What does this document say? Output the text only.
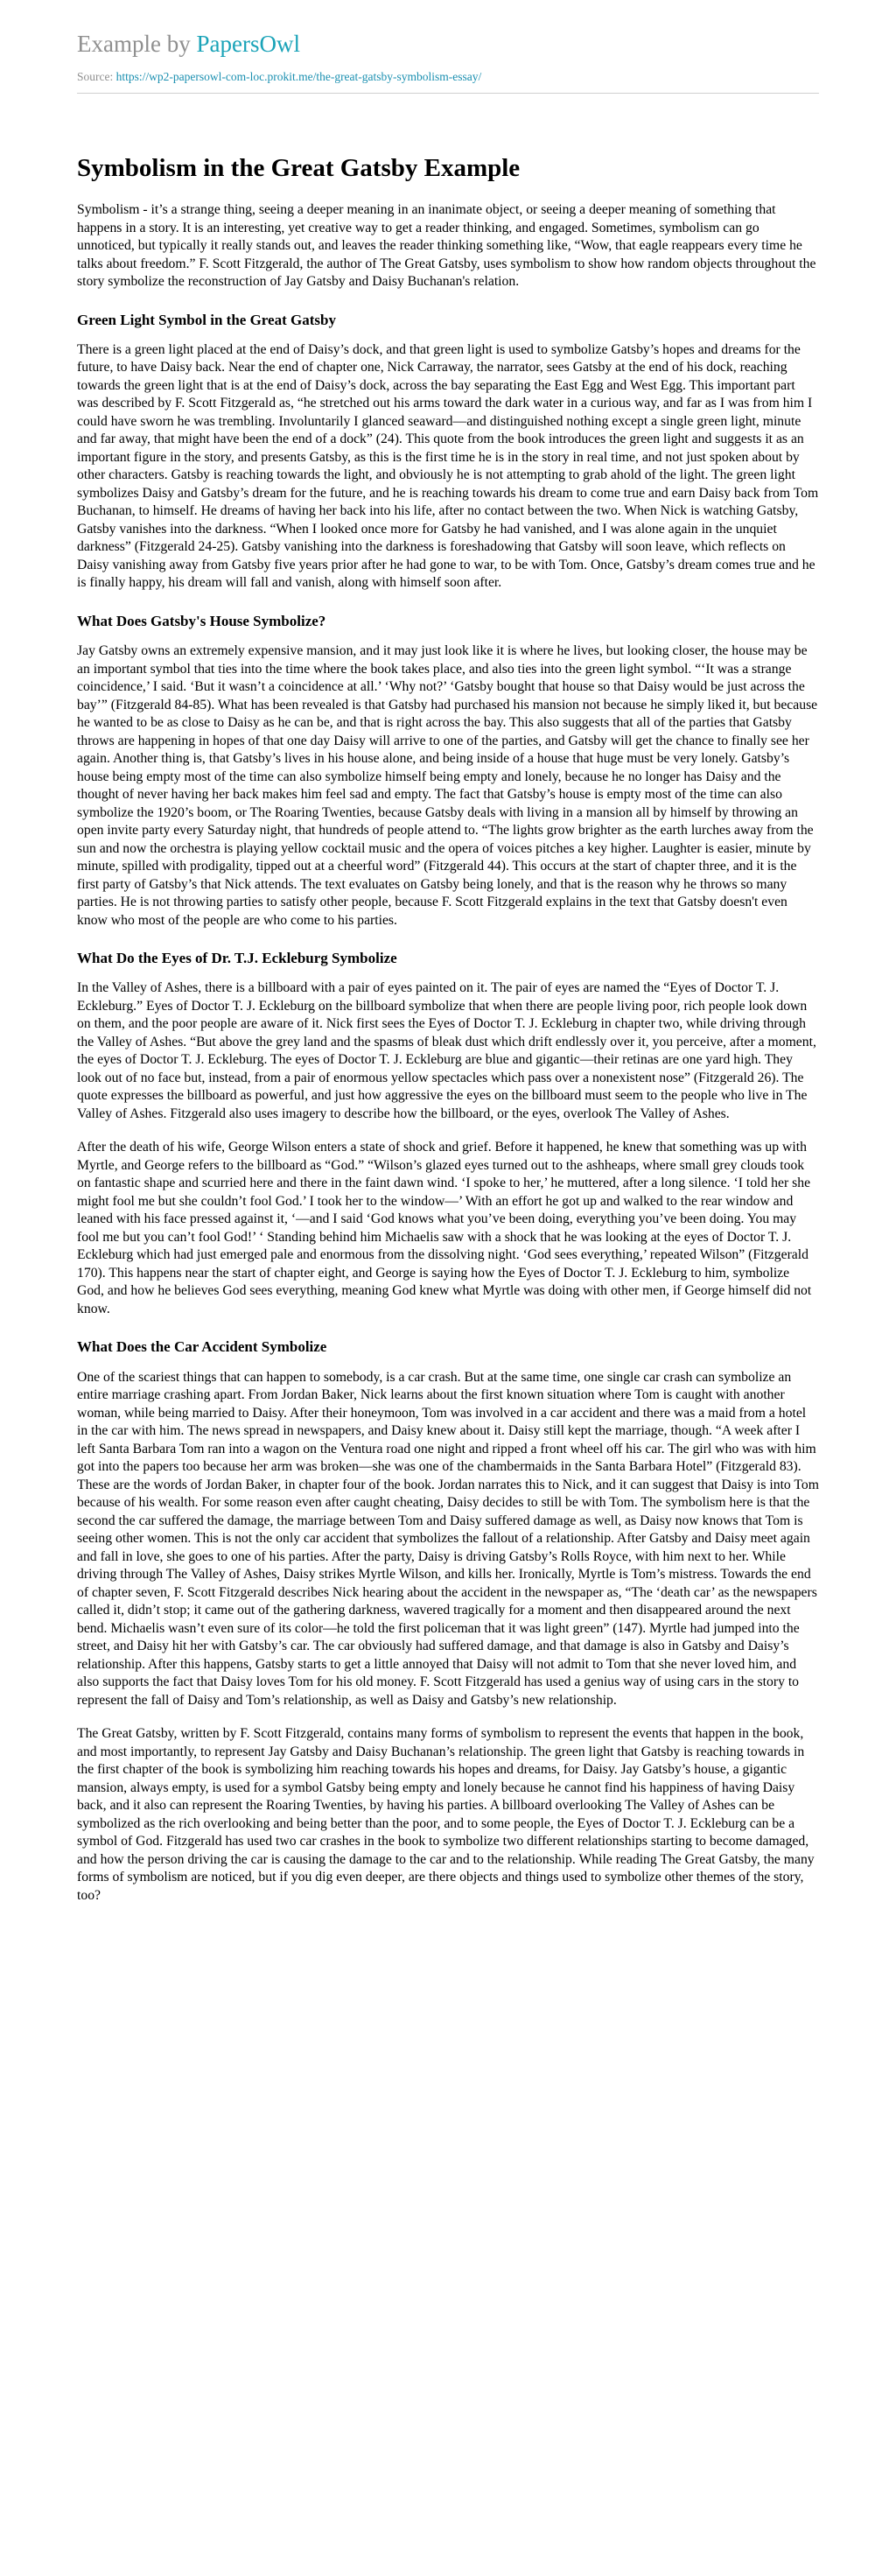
Example by PapersOwl
Source: https://wp2-papersowl-com-loc.prokit.me/the-great-gatsby-symbolism-essay/
Symbolism in the Great Gatsby Example

Symbolism - it’s a strange thing, seeing a deeper meaning in an inanimate object, or seeing a deeper meaning of something that happens in a story. It is an interesting, yet creative way to get a reader thinking, and engaged. Sometimes, symbolism can go unnoticed, but typically it really stands out, and leaves the reader thinking something like, “Wow, that eagle reappears every time he talks about freedom.” F. Scott Fitzgerald, the author of The Great Gatsby, uses symbolism to show how random objects throughout the story symbolize the reconstruction of Jay Gatsby and Daisy Buchanan's relation.

Green Light Symbol in the Great Gatsby

There is a green light placed at the end of Daisy’s dock, and that green light is used to symbolize Gatsby’s hopes and dreams for the future, to have Daisy back. Near the end of chapter one, Nick Carraway, the narrator, sees Gatsby at the end of his dock, reaching towards the green light that is at the end of Daisy’s dock, across the bay separating the East Egg and West Egg. This important part was described by F. Scott Fitzgerald as, “he stretched out his arms toward the dark water in a curious way, and far as I was from him I could have sworn he was trembling. Involuntarily I glanced seaward—and distinguished nothing except a single green light, minute and far away, that might have been the end of a dock” (24). This quote from the book introduces the green light and suggests it as an important figure in the story, and presents Gatsby, as this is the first time he is in the story in real time, and not just spoken about by other characters. Gatsby is reaching towards the light, and obviously he is not attempting to grab ahold of the light. The green light symbolizes Daisy and Gatsby’s dream for the future, and he is reaching towards his dream to come true and earn Daisy back from Tom Buchanan, to himself. He dreams of having her back into his life, after no contact between the two. When Nick is watching Gatsby, Gatsby vanishes into the darkness. “When I looked once more for Gatsby he had vanished, and I was alone again in the unquiet darkness” (Fitzgerald 24-25). Gatsby vanishing into the darkness is foreshadowing that Gatsby will soon leave, which reflects on Daisy vanishing away from Gatsby five years prior after he had gone to war, to be with Tom. Once, Gatsby’s dream comes true and he is finally happy, his dream will fall and vanish, along with himself soon after.

What Does Gatsby's House Symbolize?

Jay Gatsby owns an extremely expensive mansion, and it may just look like it is where he lives, but looking closer, the house may be an important symbol that ties into the time where the book takes place, and also ties into the green light symbol. “‘It was a strange coincidence,’ I said. ‘But it wasn’t a coincidence at all.’ ‘Why not?’ ‘Gatsby bought that house so that Daisy would be just across the bay’” (Fitzgerald 84-85). What has been revealed is that Gatsby had purchased his mansion not because he simply liked it, but because he wanted to be as close to Daisy as he can be, and that is right across the bay. This also suggests that all of the parties that Gatsby throws are happening in hopes of that one day Daisy will arrive to one of the parties, and Gatsby will get the chance to finally see her again. Another thing is, that Gatsby’s lives in his house alone, and being inside of a house that huge must be very lonely. Gatsby’s house being empty most of the time can also symbolize himself being empty and lonely, because he no longer has Daisy and the thought of never having her back makes him feel sad and empty. The fact that Gatsby’s house is empty most of the time can also symbolize the 1920’s boom, or The Roaring Twenties, because Gatsby deals with living in a mansion all by himself by throwing an open invite party every Saturday night, that hundreds of people attend to. “The lights grow brighter as the earth lurches away from the sun and now the orchestra is playing yellow cocktail music and the opera of voices pitches a key higher. Laughter is easier, minute by minute, spilled with prodigality, tipped out at a cheerful word” (Fitzgerald 44). This occurs at the start of chapter three, and it is the first party of Gatsby’s that Nick attends. The text evaluates on Gatsby being lonely, and that is the reason why he throws so many parties. He is not throwing parties to satisfy other people, because F. Scott Fitzgerald explains in the text that Gatsby doesn't even know who most of the people are who come to his parties.

What Do the Eyes of Dr. T.J. Eckleburg Symbolize

In the Valley of Ashes, there is a billboard with a pair of eyes painted on it. The pair of eyes are named the “Eyes of Doctor T. J. Eckleburg.” Eyes of Doctor T. J. Eckleburg on the billboard symbolize that when there are people living poor, rich people look down on them, and the poor people are aware of it. Nick first sees the Eyes of Doctor T. J. Eckleburg in chapter two, while driving through the Valley of Ashes. “But above the grey land and the spasms of bleak dust which drift endlessly over it, you perceive, after a moment, the eyes of Doctor T. J. Eckleburg. The eyes of Doctor T. J. Eckleburg are blue and gigantic—their retinas are one yard high. They look out of no face but, instead, from a pair of enormous yellow spectacles which pass over a nonexistent nose” (Fitzgerald 26). The quote expresses the billboard as powerful, and just how aggressive the eyes on the billboard must seem to the people who live in The Valley of Ashes. Fitzgerald also uses imagery to describe how the billboard, or the eyes, overlook The Valley of Ashes.

After the death of his wife, George Wilson enters a state of shock and grief. Before it happened, he knew that something was up with Myrtle, and George refers to the billboard as “God.” “Wilson’s glazed eyes turned out to the ashheaps, where small grey clouds took on fantastic shape and scurried here and there in the faint dawn wind. ‘I spoke to her,’ he muttered, after a long silence. ‘I told her she might fool me but she couldn’t fool God.’ I took her to the window—’ With an effort he got up and walked to the rear window and leaned with his face pressed against it, ‘—and I said ‘God knows what you’ve been doing, everything you’ve been doing. You may fool me but you can’t fool God!’ ‘ Standing behind him Michaelis saw with a shock that he was looking at the eyes of Doctor T. J. Eckleburg which had just emerged pale and enormous from the dissolving night. ‘God sees everything,’ repeated Wilson” (Fitzgerald 170). This happens near the start of chapter eight, and George is saying how the Eyes of Doctor T. J. Eckleburg to him, symbolize God, and how he believes God sees everything, meaning God knew what Myrtle was doing with other men, if George himself did not know.

What Does the Car Accident Symbolize

One of the scariest things that can happen to somebody, is a car crash. But at the same time, one single car crash can symbolize an entire marriage crashing apart. From Jordan Baker, Nick learns about the first known situation where Tom is caught with another woman, while being married to Daisy. After their honeymoon, Tom was involved in a car accident and there was a maid from a hotel in the car with him. The news spread in newspapers, and Daisy knew about it. Daisy still kept the marriage, though. “A week after I left Santa Barbara Tom ran into a wagon on the Ventura road one night and ripped a front wheel off his car. The girl who was with him got into the papers too because her arm was broken—she was one of the chambermaids in the Santa Barbara Hotel” (Fitzgerald 83). These are the words of Jordan Baker, in chapter four of the book. Jordan narrates this to Nick, and it can suggest that Daisy is into Tom because of his wealth. For some reason even after caught cheating, Daisy decides to still be with Tom. The symbolism here is that the second the car suffered the damage, the marriage between Tom and Daisy suffered damage as well, as Daisy now knows that Tom is seeing other women. This is not the only car accident that symbolizes the fallout of a relationship. After Gatsby and Daisy meet again and fall in love, she goes to one of his parties. After the party, Daisy is driving Gatsby’s Rolls Royce, with him next to her. While driving through The Valley of Ashes, Daisy strikes Myrtle Wilson, and kills her. Ironically, Myrtle is Tom’s mistress. Towards the end of chapter seven, F. Scott Fitzgerald describes Nick hearing about the accident in the newspaper as, “The ‘death car’ as the newspapers called it, didn’t stop; it came out of the gathering darkness, wavered tragically for a moment and then disappeared around the next bend. Michaelis wasn’t even sure of its color—he told the first policeman that it was light green” (147). Myrtle had jumped into the street, and Daisy hit her with Gatsby’s car. The car obviously had suffered damage, and that damage is also in Gatsby and Daisy’s relationship. After this happens, Gatsby starts to get a little annoyed that Daisy will not admit to Tom that she never loved him, and also supports the fact that Daisy loves Tom for his old money. F. Scott Fitzgerald has used a genius way of using cars in the story to represent the fall of Daisy and Tom’s relationship, as well as Daisy and Gatsby’s new relationship.

The Great Gatsby, written by F. Scott Fitzgerald, contains many forms of symbolism to represent the events that happen in the book, and most importantly, to represent Jay Gatsby and Daisy Buchanan’s relationship. The green light that Gatsby is reaching towards in the first chapter of the book is symbolizing him reaching towards his hopes and dreams, for Daisy. Jay Gatsby’s house, a gigantic mansion, always empty, is used for a symbol Gatsby being empty and lonely because he cannot find his happiness of having Daisy back, and it also can represent the Roaring Twenties, by having his parties. A billboard overlooking The Valley of Ashes can be symbolized as the rich overlooking and being better than the poor, and to some people, the Eyes of Doctor T. J. Eckleburg can be a symbol of God. Fitzgerald has used two car crashes in the book to symbolize two different relationships starting to become damaged, and how the person driving the car is causing the damage to the car and to the relationship. While reading The Great Gatsby, the many forms of symbolism are noticed, but if you dig even deeper, are there objects and things used to symbolize other themes of the story, too?
